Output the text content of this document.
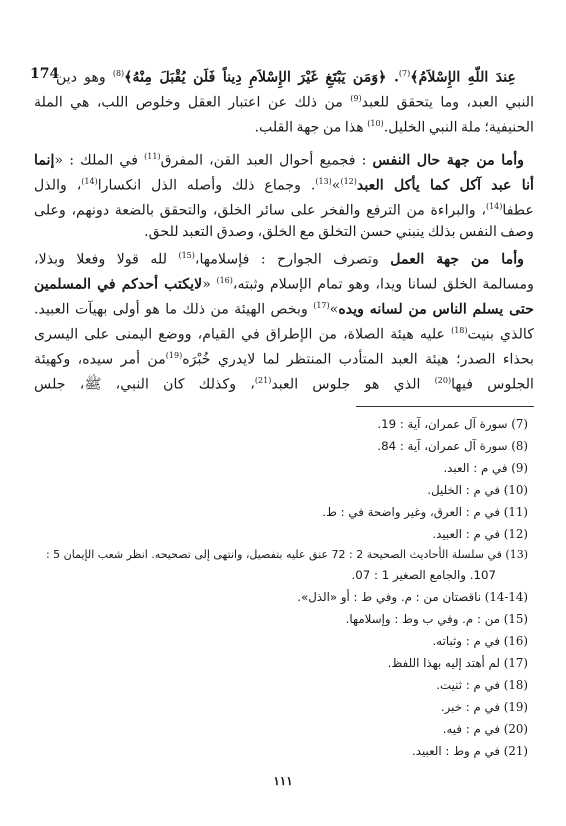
174	عِندَ اللّهِ الإِسْلاَمُ﴾$^{(7)}$. ﴿وَمَن يَبْتَغِ غَيْرَ الإِسْلاَمِ دِيناً فَلَن يُقْبَلَ مِنْهُ﴾$^{(8)}$ وهو دين
النبي العبد، وما يتحقق للعبد$^{(9)}$ من ذلك عن اعتبار العقل وخلوص اللب، هي الملة
الحنيفية؛ ملة النبي الخليل.$^{(10)}$ هذا من جهة القلب.
وأما من جهة حال النفس : فجميع أحوال العبد القن، المفرق$^{(11)}$ في الملك : «إنما
أنا عبد آكل كما يأكل العبد$^{(12)}$»$^{(13)}$. وجماع ذلك وأصله الذل انكسارا$^{(14)}$، والذل
عطفا$^{(14)}$، والبراءة من الترفع والفخر على سائر الخلق، والتحقق بالضعة دونهم، وعلى
وصف النفس بذلك ينبني حسن التخلق مع الخلق، وصدق التعبد للحق.
وأما من جهة العمل وتصرف الجوارح : فإسلامها،$^{(15)}$ لله قولا وفعلا وبذلا،
ومسالمة الخلق لسانا ويدا، وهو تمام الإسلام وثبته،$^{(16)}$ «لايكتب أحدكم في المسلمين
حتى يسلم الناس من لسانه ويده»$^{(17)}$ وبخص الهيئة من ذلك ما هو أولى بهيآت العبيد.
كالذي بنيت$^{(18)}$ عليه هيئة الصلاة، من الإطراق في القيام، ووضع اليمنى على اليسرى
بحذاء الصدر؛ هيئة العبد المتأدب المنتظر لما لايدري خُبْرَه$^{(19)}$من أمر سيده، وكهيئة
الجلوس فيها$^{(20)}$ الذي هو جلوس العبد$^{(21)}$، وكذلك كان النبي، ﷺ، جلس
(7) سورة آل عمران، آية : 19.
(8) سورة آل عمران، آية : 84.
(9) في م : العبد.
(10) في م : الخليل.
(11) في م : العرق، وغير واضحة في : ط.
(12) في م : العبيد.
(13) في سلسلة الأحاديث الصحيحة 2 : 72 عنق عليه بتفصيل، وانتهى إلى تصحيحه. انظر شعب الإيمان 5 :
107. والجامع الصغير 1 : 07.
(14-14) ناقصتان من : م. وفي ط : أو «الذل».
(15) من : م. وفي ب وط : وإسلامها.
(16) في م : وثباته.
(17) لم أهتد إليه بهذا اللفظ.
(18) في م : ثنيت.
(19) في م : خبر.
(20) في م : فيه.
(21) في م وط : العبيد.
١١١
